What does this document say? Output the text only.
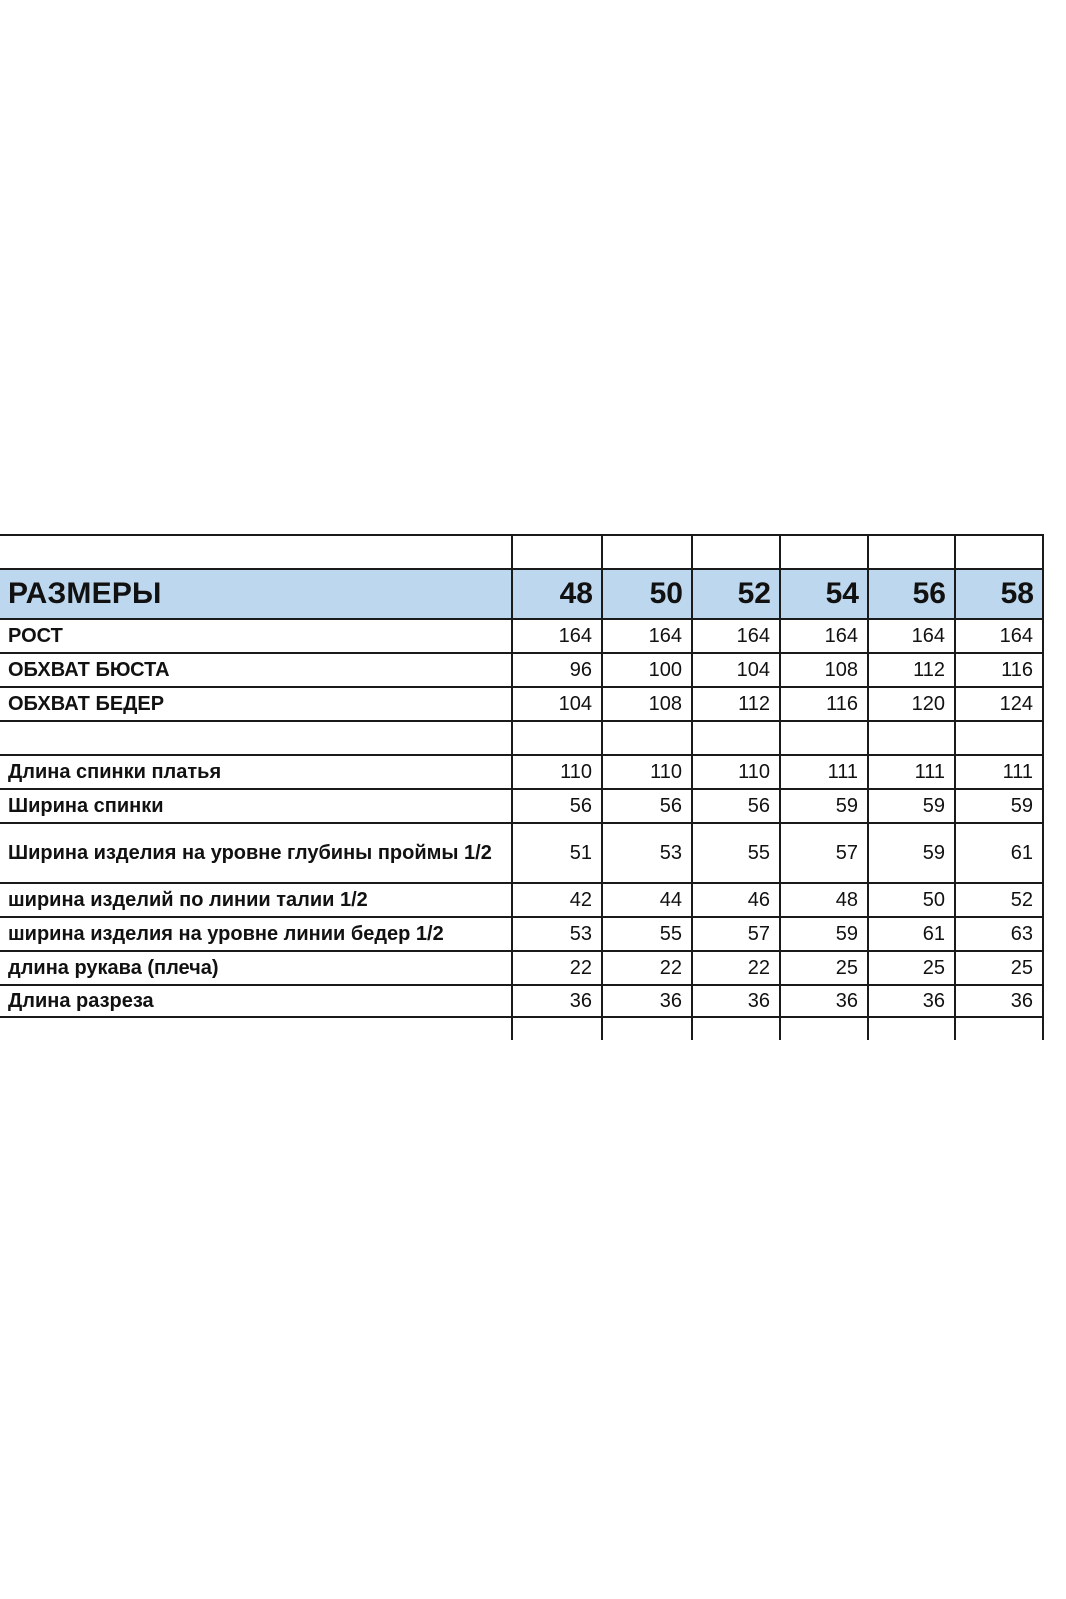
РАЗМЕРЫ	48	50	52	54	56	58
РОСТ	164	164	164	164	164	164
ОБХВАТ БЮСТА	96	100	104	108	112	116
ОБХВАТ БЕДЕР	104	108	112	116	120	124
Длина спинки платья	110	110	110	111	111	111
Ширина спинки	56	56	56	59	59	59
Ширина изделия на уровне глубины проймы 1/2	51	53	55	57	59	61
ширина изделий по линии талии 1/2	42	44	46	48	50	52
ширина изделия на уровне линии бедер 1/2	53	55	57	59	61	63
длина рукава (плеча)	22	22	22	25	25	25
Длина разреза	36	36	36	36	36	36
